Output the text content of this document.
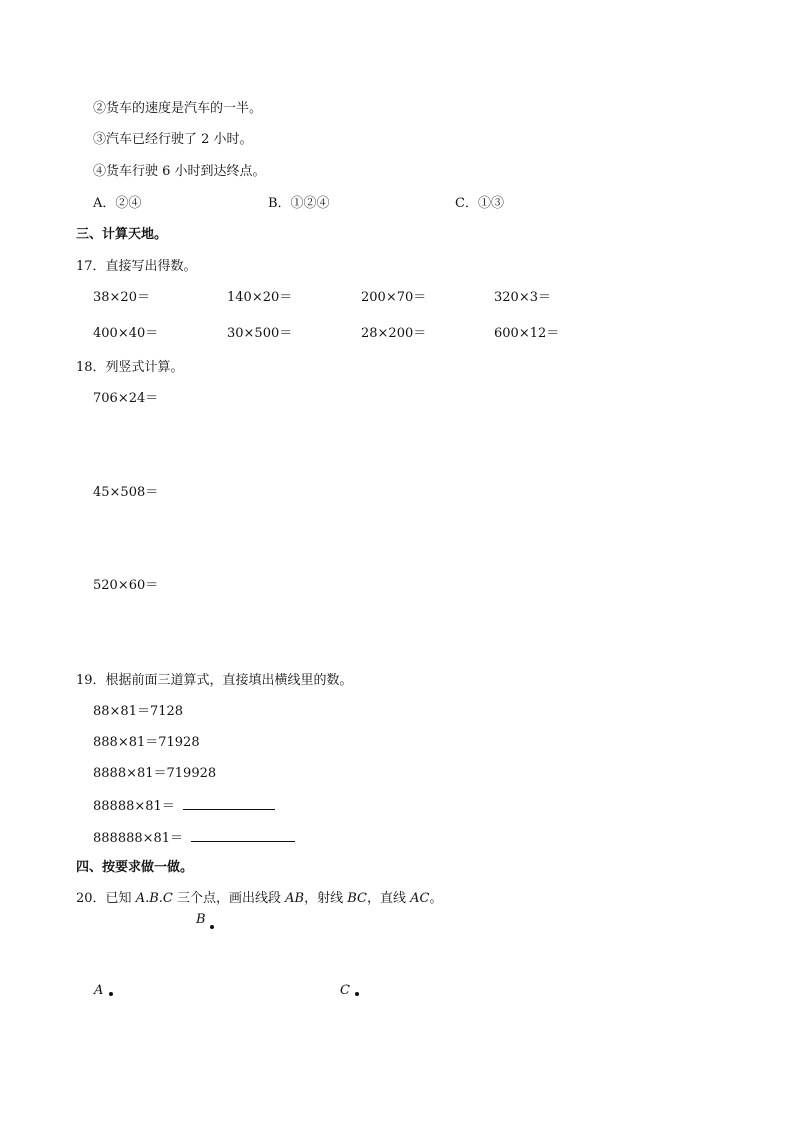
②货车的速度是汽车的一半。
③汽车已经行驶了 2 小时。
④货车行驶 6 小时到达终点。
A．②④	B．①②④	C．①③
三、计算天地。
17．直接写出得数。
38×20＝	140×20＝	200×70＝	320×3＝
400×40＝	30×500＝	28×200＝	600×12＝
18．列竖式计算。
706×24＝
45×508＝
520×60＝
19．根据前面三道算式，直接填出横线里的数。
88×81＝7128
888×81＝71928
8888×81＝719928
88888×81＝
888888×81＝
四、按要求做一做。
20．已知 A.B.C 三个点，画出线段 AB，射线 BC，直线 AC。
B
A	C
